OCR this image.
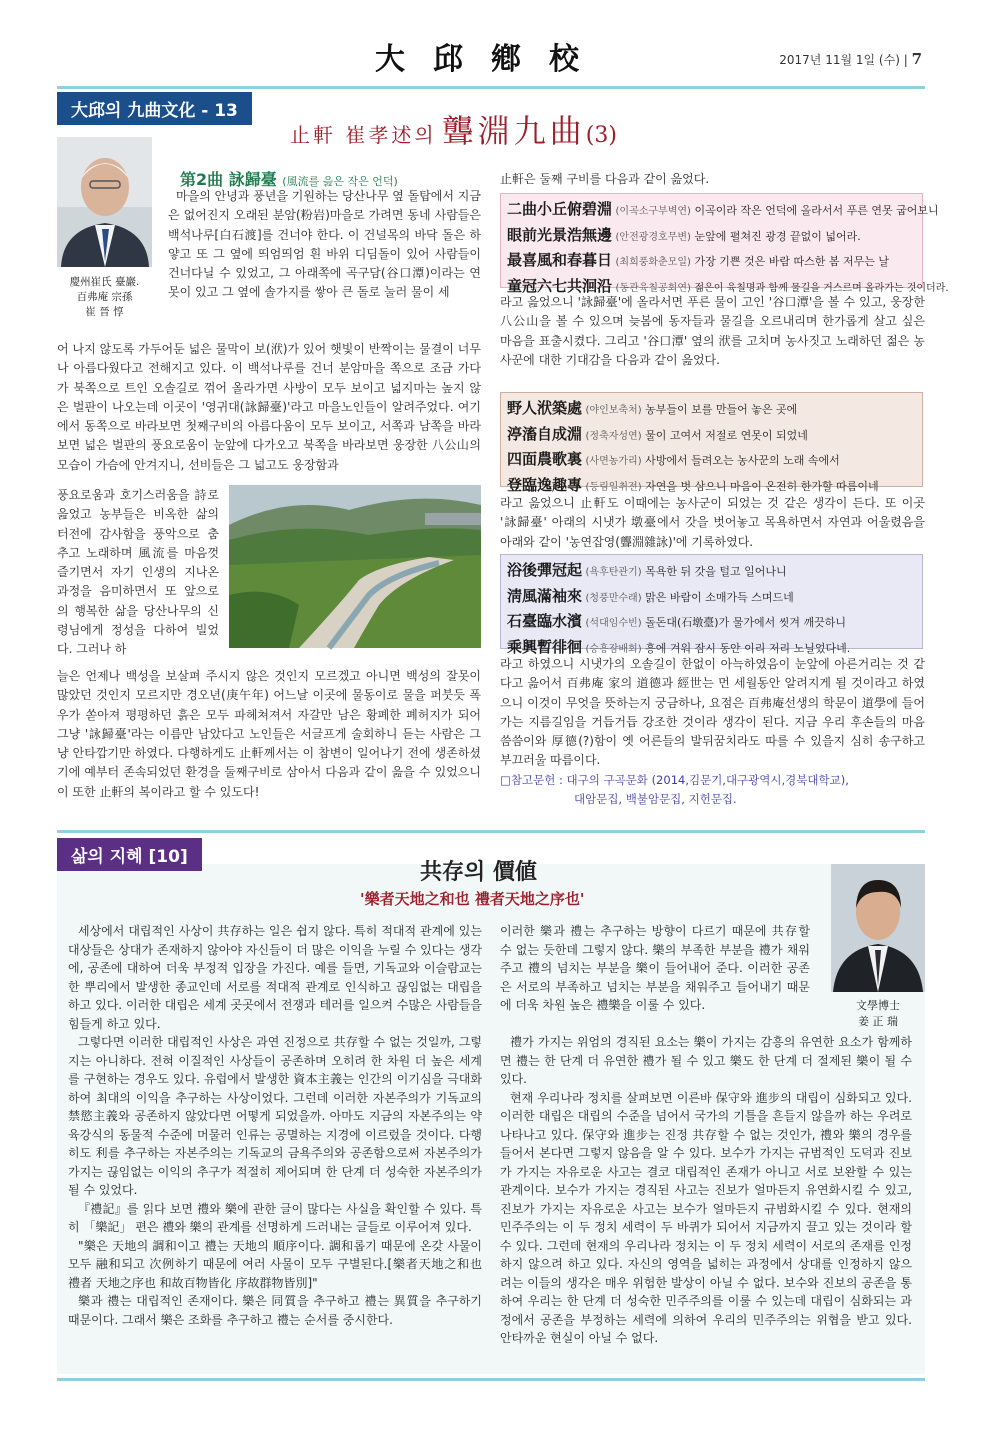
大邱鄕校	2017년 11월 1일 (수) | 7
大邱의 九曲文化 - 13
止軒 崔孝述의 聾淵九曲(3)
慶州崔氏 臺巖.
百弗庵 宗孫
崔 晉 惇
第2曲 詠歸臺 (風流를 읊은 작은 언덕)

마을의 안녕과 풍년을 기원하는 당산나무 옆 돌탑에서 지금은 없어진지 오래된 분암(粉岩)마을로 가려면 동네 사람들은 백석나루[白石渡]를 건너야 한다. 이 건널목의 바닥 돌은 하얗고 또 그 옆에 띄엄띄엄 흰 바위 디딤돌이 있어 사람들이 건너다닐 수 있었고, 그 아래쪽에 곡구담(谷口潭)이라는 연못이 있고 그 옆에 솔가지를 쌓아 큰 돌로 눌러 물이 세

어 나지 않도록 가두어둔 넓은 물막이 보(洑)가 있어 햇빛이 반짝이는 물결이 너무나 아름다웠다고 전해지고 있다. 이 백석나루를 건너 분암마을 쪽으로 조금 가다가 북쪽으로 트인 오솔길로 꺾어 올라가면 사방이 모두 보이고 넓지마는 높지 않은 벌판이 나오는데 이곳이 '영귀대(詠歸臺)'라고 마을노인들이 알려주었다. 여기에서 동쪽으로 바라보면 첫째구비의 아름다움이 모두 보이고, 서쪽과 남쪽을 바라보면 넓은 벌판의 풍요로움이 눈앞에 다가오고 북쪽을 바라보면 웅장한 八公山의 모습이 가슴에 안겨지니, 선비들은 그 넓고도 웅장함과

풍요로움과 호기스러움을 詩로 읊었고 농부들은 비옥한 삶의 터전에 감사함을 풍악으로 춤추고 노래하며 風流를 마음껏 즐기면서 자기 인생의 지나온 과정을 음미하면서 또 앞으로의 행복한 삶을 당산나무의 신령님에게 정성을 다하여 빌었다. 그러나 하

늘은 언제나 백성을 보살펴 주시지 않은 것인지 모르겠고 아니면 백성의 잘못이 많았던 것인지 모르지만 경오년(庚午年) 어느날 이곳에 물동이로 물을 퍼붓듯 폭우가 쏟아져 평평하던 흙은 모두 파헤쳐져서 자갈만 남은 황폐한 폐허지가 되어 그냥 '詠歸臺'라는 이름만 남았다고 노인들은 서글프게 술회하니 듣는 사람은 그냥 안타깝기만 하였다. 다행하게도 止軒께서는 이 참변이 일어나기 전에 생존하셨기에 예부터 존속되었던 환경을 둘째구비로 삼아서 다음과 같이 읊을 수 있었으니 이 또한 止軒의 복이라고 할 수 있도다!

止軒은 둘째 구비를 다음과 같이 읊었다.

二曲小丘俯碧淵 (이곡소구부벽연) 이곡이라 작은 언덕에 올라서서 푸른 연못 굽어보니
眼前光景浩無邊 (안전광경호무변) 눈앞에 펼쳐진 광경 끝없이 넓어라.
最喜風和春暮日 (최희풍화춘모일) 가장 기쁜 것은 바람 따스한 봄 저무는 날
童冠六七共洄沿 (동관육칠공회연) 젊은이 육칠명과 함께 물길을 거스르며 올라가는 것이더라.

라고 읊었으니 '詠歸臺'에 올라서면 푸른 물이 고인 '谷口潭'을 볼 수 있고, 웅장한 八公山을 볼 수 있으며 늦봄에 동자들과 물길을 오르내리며 한가롭게 살고 싶은 마음을 표출시켰다. 그리고 '谷口潭' 옆의 洑를 고치며 농사짓고 노래하던 젊은 농사꾼에 대한 기대감을 다음과 같이 읊었다.

野人洑築處 (야인보축처) 농부들이 보를 만들어 놓은 곳에
渟滀自成淵 (정축자성연) 물이 고여서 저절로 연못이 되었네
四面農歌裏 (사면농가리) 사방에서 들려오는 농사꾼의 노래 속에서
登臨逸趣專 (등림일취전) 자연을 벗 삼으니 마음이 온전히 한가할 따름이네

라고 읊었으니 止軒도 이때에는 농사군이 되었는 것 같은 생각이 든다. 또 이곳 '詠歸臺' 아래의 시냇가 墩臺에서 갓을 벗어놓고 목욕하면서 자연과 어울렸음을 아래와 같이 '농연잡영(聾淵雜詠)'에 기록하였다.

浴後彈冠起 (욕후탄관기) 목욕한 뒤 갓을 털고 일어나니
淸風滿袖來 (청풍만수래) 맑은 바람이 소매가득 스며드네
石臺臨水濱 (석대임수빈) 돌돈대(石墩臺)가 물가에서 씻겨 깨끗하니
乘興暫徘徊 (승흥잠배회) 흥에 겨워 잠시 동안 이리 저리 노닐었다네.

라고 하였으니 시냇가의 오솔길이 한없이 아늑하였음이 눈앞에 아른거리는 것 같다고 읊어서 百弗庵 家의 道德과 經世는 먼 세월동안 알려지게 될 것이라고 하였으니 이것이 무엇을 뜻하는지 궁금하나, 요점은 百弗庵선생의 학문이 道學에 들어가는 지름길임을 거듭거듭 강조한 것이라 생각이 된다. 지금 우리 후손들의 마음 씀씀이와 厚德(?)함이 옛 어른들의 발뒤꿈치라도 따를 수 있을지 심히 송구하고 부끄러울 따름이다.

□참고문헌 : 대구의 구곡문화 (2014,김문기,대구광역시,경북대학교),
대암문집, 백불암문집, 지헌문집.
삶의 지혜 [10]
共存의 價値
'樂者天地之和也 禮者天地之序也'
文學博士
姜 正 瑞

세상에서 대립적인 사상이 共存하는 일은 쉽지 않다. 특히 적대적 관계에 있는 대상들은 상대가 존재하지 않아야 자신들이 더 많은 이익을 누릴 수 있다는 생각에, 공존에 대하여 더욱 부정적 입장을 가진다. 예를 들면, 기독교와 이슬람교는 한 뿌리에서 발생한 종교인데 서로를 적대적 관계로 인식하고 끊임없는 대립을 하고 있다. 이러한 대립은 세계 곳곳에서 전쟁과 테러를 일으켜 수많은 사람들을 힘들게 하고 있다.

그렇다면 이러한 대립적인 사상은 과연 진정으로 共存할 수 없는 것일까, 그렇지는 아니하다. 전혀 이질적인 사상들이 공존하며 오히려 한 차원 더 높은 세계를 구현하는 경우도 있다. 유럽에서 발생한 資本主義는 인간의 이기심을 극대화하여 최대의 이익을 추구하는 사상이었다. 그런데 이러한 자본주의가 기독교의 禁慾主義와 공존하지 않았다면 어떻게 되었을까. 아마도 지금의 자본주의는 약육강식의 동물적 수준에 머물러 인류는 공멸하는 지경에 이르렀을 것이다. 다행히도 利를 추구하는 자본주의는 기독교의 금욕주의와 공존함으로써 자본주의가 가지는 끊임없는 이익의 추구가 적절히 제어되며 한 단계 더 성숙한 자본주의가 될 수 있었다.

『禮記』를 읽다 보면 禮와 樂에 관한 글이 많다는 사실을 확인할 수 있다. 특히 「樂記」 편은 禮와 樂의 관계를 선명하게 드러내는 글들로 이루어져 있다.

"樂은 天地의 調和이고 禮는 天地의 順序이다. 調和롭기 때문에 온갖 사물이 모두 融和되고 次例하기 때문에 여러 사물이 모두 구별된다.[樂者天地之和也 禮者 天地之序也 和故百物皆化 序故群物皆別]"

樂과 禮는 대립적인 존재이다. 樂은 同質을 추구하고 禮는 異質을 추구하기 때문이다. 그래서 樂은 조화를 추구하고 禮는 순서를 중시한다.

이러한 樂과 禮는 추구하는 방향이 다르기 때문에 共存할 수 없는 듯한데 그렇지 않다. 樂의 부족한 부분을 禮가 채워주고 禮의 넘치는 부분을 樂이 들어내어 준다. 이러한 공존은 서로의 부족하고 넘치는 부분을 채워주고 들어내기 때문에 더욱 차원 높은 禮樂을 이룰 수 있다.

禮가 가지는 위엄의 경직된 요소는 樂이 가지는 감흥의 유연한 요소가 함께하면 禮는 한 단계 더 유연한 禮가 될 수 있고 樂도 한 단계 더 절제된 樂이 될 수 있다.

현재 우리나라 정치를 살펴보면 이른바 保守와 進步의 대립이 심화되고 있다. 이러한 대립은 대립의 수준을 넘어서 국가의 기틀을 흔들지 않을까 하는 우려로 나타나고 있다. 保守와 進步는 진정 共存할 수 없는 것인가, 禮와 樂의 경우를 들어서 본다면 그렇지 않음을 알 수 있다. 보수가 가지는 규범적인 도덕과 진보가 가지는 자유로운 사고는 결코 대립적인 존재가 아니고 서로 보완할 수 있는 관계이다. 보수가 가지는 경직된 사고는 진보가 얼마든지 유연화시킬 수 있고, 진보가 가지는 자유로운 사고는 보수가 얼마든지 규범화시킬 수 있다. 현재의 민주주의는 이 두 정치 세력이 두 바퀴가 되어서 지금까지 끌고 있는 것이라 할 수 있다. 그런데 현재의 우리나라 정치는 이 두 정치 세력이 서로의 존재를 인정하지 않으려 하고 있다. 자신의 영역을 넓히는 과정에서 상대를 인정하지 않으려는 이들의 생각은 매우 위험한 발상이 아닐 수 없다. 보수와 진보의 공존을 통하여 우리는 한 단계 더 성숙한 민주주의를 이룰 수 있는데 대립이 심화되는 과정에서 공존을 부정하는 세력에 의하여 우리의 민주주의는 위협을 받고 있다. 안타까운 현실이 아닐 수 없다.
